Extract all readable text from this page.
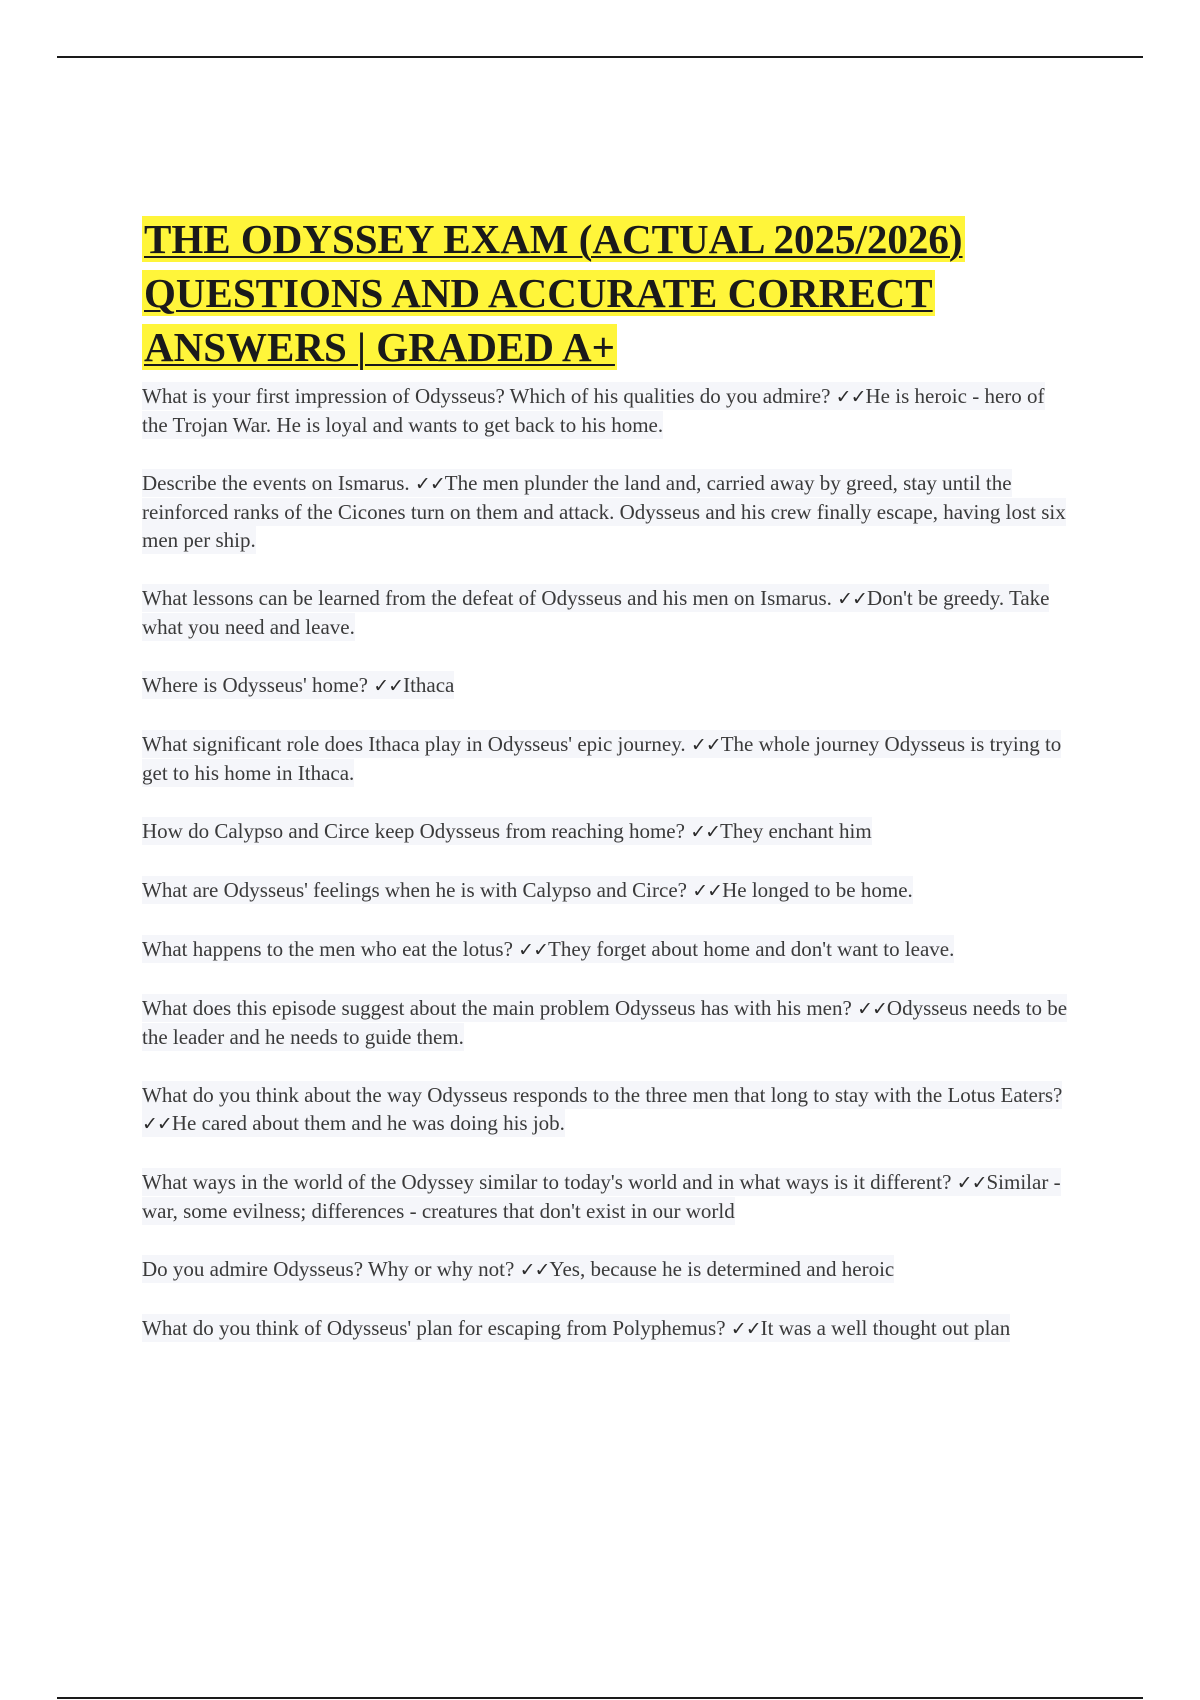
THE ODYSSEY EXAM (ACTUAL 2025/2026) QUESTIONS AND ACCURATE CORRECT ANSWERS | GRADED A+
What is your first impression of Odysseus? Which of his qualities do you admire? ✓✓He is heroic - hero of the Trojan War. He is loyal and wants to get back to his home.
Describe the events on Ismarus. ✓✓The men plunder the land and, carried away by greed, stay until the reinforced ranks of the Cicones turn on them and attack. Odysseus and his crew finally escape, having lost six men per ship.
What lessons can be learned from the defeat of Odysseus and his men on Ismarus. ✓✓Don't be greedy. Take what you need and leave.
Where is Odysseus' home? ✓✓Ithaca
What significant role does Ithaca play in Odysseus' epic journey. ✓✓The whole journey Odysseus is trying to get to his home in Ithaca.
How do Calypso and Circe keep Odysseus from reaching home? ✓✓They enchant him
What are Odysseus' feelings when he is with Calypso and Circe? ✓✓He longed to be home.
What happens to the men who eat the lotus? ✓✓They forget about home and don't want to leave.
What does this episode suggest about the main problem Odysseus has with his men? ✓✓Odysseus needs to be the leader and he needs to guide them.
What do you think about the way Odysseus responds to the three men that long to stay with the Lotus Eaters? ✓✓He cared about them and he was doing his job.
What ways in the world of the Odyssey similar to today's world and in what ways is it different? ✓✓Similar - war, some evilness; differences - creatures that don't exist in our world
Do you admire Odysseus? Why or why not? ✓✓Yes, because he is determined and heroic
What do you think of Odysseus' plan for escaping from Polyphemus? ✓✓It was a well thought out plan
